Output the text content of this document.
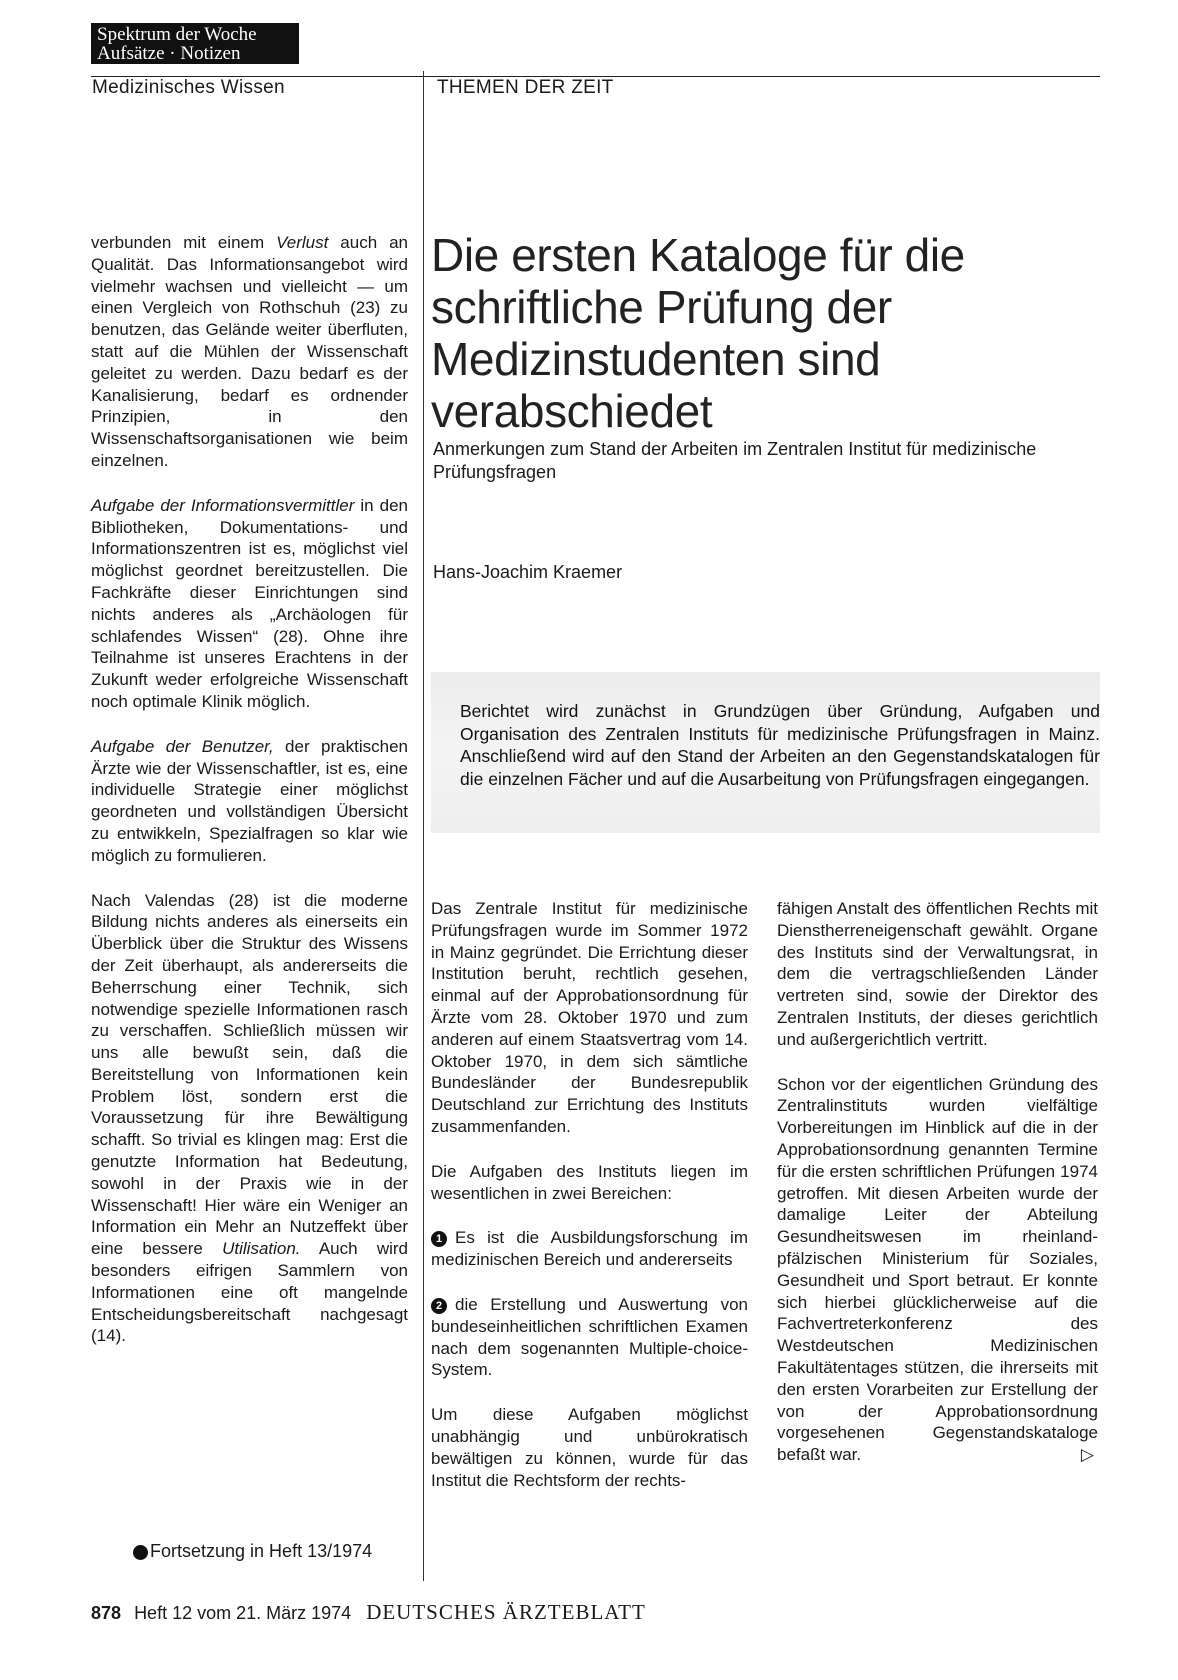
Spektrum der Woche
Aufsätze · Notizen
Medizinisches Wissen	THEMEN DER ZEIT

verbunden mit einem Verlust auch an Qualität. Das Informationsangebot wird vielmehr wachsen und vielleicht — um einen Vergleich von Rothschuh (23) zu benutzen, das Gelände weiter überfluten, statt auf die Mühlen der Wissenschaft geleitet zu werden. Dazu bedarf es der Kanalisierung, bedarf es ordnender Prinzipien, in den Wissenschaftsorganisationen wie beim einzelnen.

Aufgabe der Informationsvermittler in den Bibliotheken, Dokumentations- und Informationszentren ist es, möglichst viel möglichst geordnet bereitzustellen. Die Fachkräfte dieser Einrichtungen sind nichts anderes als „Archäologen für schlafendes Wissen“ (28). Ohne ihre Teilnahme ist unseres Erachtens in der Zukunft weder erfolgreiche Wissenschaft noch optimale Klinik möglich.

Aufgabe der Benutzer, der praktischen Ärzte wie der Wissenschaftler, ist es, eine individuelle Strategie einer möglichst geordneten und vollständigen Übersicht zu entwikkeln, Spezialfragen so klar wie möglich zu formulieren.

Nach Valendas (28) ist die moderne Bildung nichts anderes als einerseits ein Überblick über die Struktur des Wissens der Zeit überhaupt, als andererseits die Beherrschung einer Technik, sich notwendige spezielle Informationen rasch zu verschaffen. Schließlich müssen wir uns alle bewußt sein, daß die Bereitstellung von Informationen kein Problem löst, sondern erst die Voraussetzung für ihre Bewältigung schafft. So trivial es klingen mag: Erst die genutzte Information hat Bedeutung, sowohl in der Praxis wie in der Wissenschaft! Hier wäre ein Weniger an Information ein Mehr an Nutzeffekt über eine bessere Utilisation. Auch wird besonders eifrigen Sammlern von Informationen eine oft mangelnde Entscheidungsbereitschaft nachgesagt (14).

Fortsetzung in Heft 13/1974
Die ersten Kataloge für die schriftliche Prüfung der Medizinstudenten sind verabschiedet
Anmerkungen zum Stand der Arbeiten im Zentralen Institut für medizinische Prüfungsfragen
Hans-Joachim Kraemer
Berichtet wird zunächst in Grundzügen über Gründung, Aufgaben und Organisation des Zentralen Instituts für medizinische Prüfungsfragen in Mainz. Anschließend wird auf den Stand der Arbeiten an den Gegenstandskatalogen für die einzelnen Fächer und auf die Ausarbeitung von Prüfungsfragen eingegangen.

Das Zentrale Institut für medizinische Prüfungsfragen wurde im Sommer 1972 in Mainz gegründet. Die Errichtung dieser Institution beruht, rechtlich gesehen, einmal auf der Approbationsordnung für Ärzte vom 28. Oktober 1970 und zum anderen auf einem Staatsvertrag vom 14. Oktober 1970, in dem sich sämtliche Bundesländer der Bundesrepublik Deutschland zur Errichtung des Instituts zusammenfanden.

Die Aufgaben des Instituts liegen im wesentlichen in zwei Bereichen:

1 Es ist die Ausbildungsforschung im medizinischen Bereich und andererseits

2 die Erstellung und Auswertung von bundeseinheitlichen schriftlichen Examen nach dem sogenannten Multiple-choice-System.

Um diese Aufgaben möglichst unabhängig und unbürokratisch bewältigen zu können, wurde für das Institut die Rechtsform der rechts-

fähigen Anstalt des öffentlichen Rechts mit Dienstherreneigenschaft gewählt. Organe des Instituts sind der Verwaltungsrat, in dem die vertragschließenden Länder vertreten sind, sowie der Direktor des Zentralen Instituts, der dieses gerichtlich und außergerichtlich vertritt.

Schon vor der eigentlichen Gründung des Zentralinstituts wurden vielfältige Vorbereitungen im Hinblick auf die in der Approbationsordnung genannten Termine für die ersten schriftlichen Prüfungen 1974 getroffen. Mit diesen Arbeiten wurde der damalige Leiter der Abteilung Gesundheitswesen im rheinland-pfälzischen Ministerium für Soziales, Gesundheit und Sport betraut. Er konnte sich hierbei glücklicherweise auf die Fachvertreterkonferenz des Westdeutschen Medizinischen Fakultätentages stützen, die ihrerseits mit den ersten Vorarbeiten zur Erstellung der von der Approbationsordnung vorgesehenen Gegenstandskataloge befaßt war.	▷

878 Heft 12 vom 21. März 1974 DEUTSCHES ÄRZTEBLATT
